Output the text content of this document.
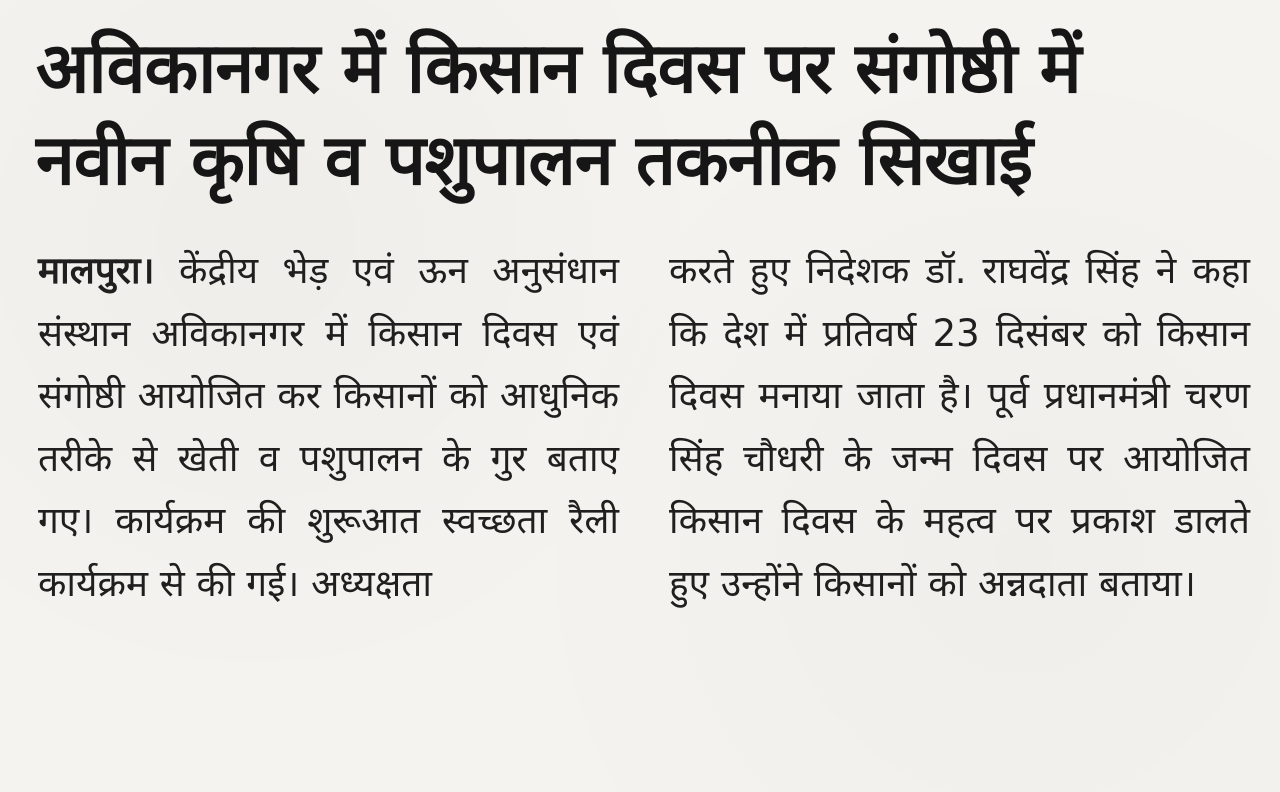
अविकानगर में किसान दिवस पर संगोष्ठी में
नवीन कृषि व पशुपालन तकनीक सिखाई

मालपुरा। केंद्रीय भेड़ एवं ऊन अनुसंधान संस्थान अविकानगर में किसान दिवस एवं संगोष्ठी आयोजित कर किसानों को आधुनिक तरीके से खेती व पशुपालन के गुर बताए गए। कार्यक्रम की शुरूआत स्वच्छता रैली कार्यक्रम से की गई। अध्यक्षता

करते हुए निदेशक डॉ. राघवेंद्र सिंह ने कहा कि देश में प्रतिवर्ष 23 दिसंबर को किसान दिवस मनाया जाता है। पूर्व प्रधानमंत्री चरण सिंह चौधरी के जन्म दिवस पर आयोजित किसान दिवस के महत्व पर प्रकाश डालते हुए उन्होंने किसानों को अन्नदाता बताया।
